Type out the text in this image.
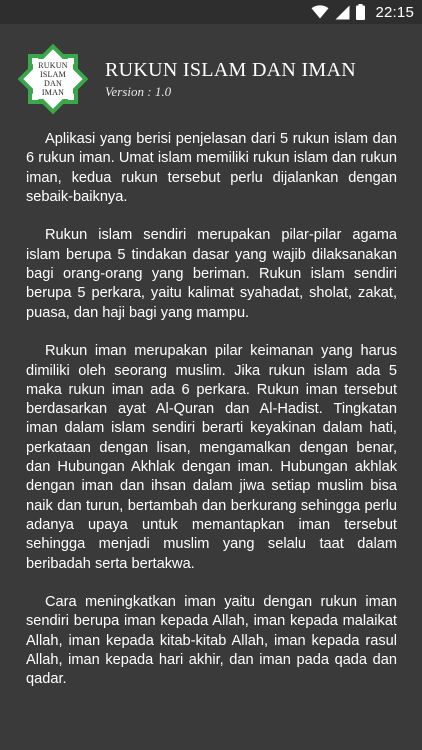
22:15
RUKUN
ISLAM
DAN
IMAN
RUKUN ISLAM DAN IMAN
Version : 1.0

Aplikasi yang berisi penjelasan dari 5 rukun islam dan 6 rukun iman. Umat islam memiliki rukun islam dan rukun iman, kedua rukun tersebut perlu dijalankan dengan sebaik-baiknya.

Rukun islam sendiri merupakan pilar-pilar agama islam berupa 5 tindakan dasar yang wajib dilaksanakan bagi orang-orang yang beriman. Rukun islam sendiri berupa 5 perkara, yaitu kalimat syahadat, sholat, zakat, puasa, dan haji bagi yang mampu.

Rukun iman merupakan pilar keimanan yang harus dimiliki oleh seorang muslim. Jika rukun islam ada 5 maka rukun iman ada 6 perkara. Rukun iman tersebut berdasarkan ayat Al-Quran dan Al-Hadist. Tingkatan iman dalam islam sendiri berarti keyakinan dalam hati, perkataan dengan lisan, mengamalkan dengan benar, dan Hubungan Akhlak dengan iman. Hubungan akhlak dengan iman dan ihsan dalam jiwa setiap muslim bisa naik dan turun, bertambah dan berkurang sehingga perlu adanya upaya untuk memantapkan iman tersebut sehingga menjadi muslim yang selalu taat dalam beribadah serta bertakwa.

Cara meningkatkan iman yaitu dengan rukun iman sendiri berupa iman kepada Allah, iman kepada malaikat Allah, iman kepada kitab-kitab Allah, iman kepada rasul Allah, iman kepada hari akhir, dan iman pada qada dan qadar.
